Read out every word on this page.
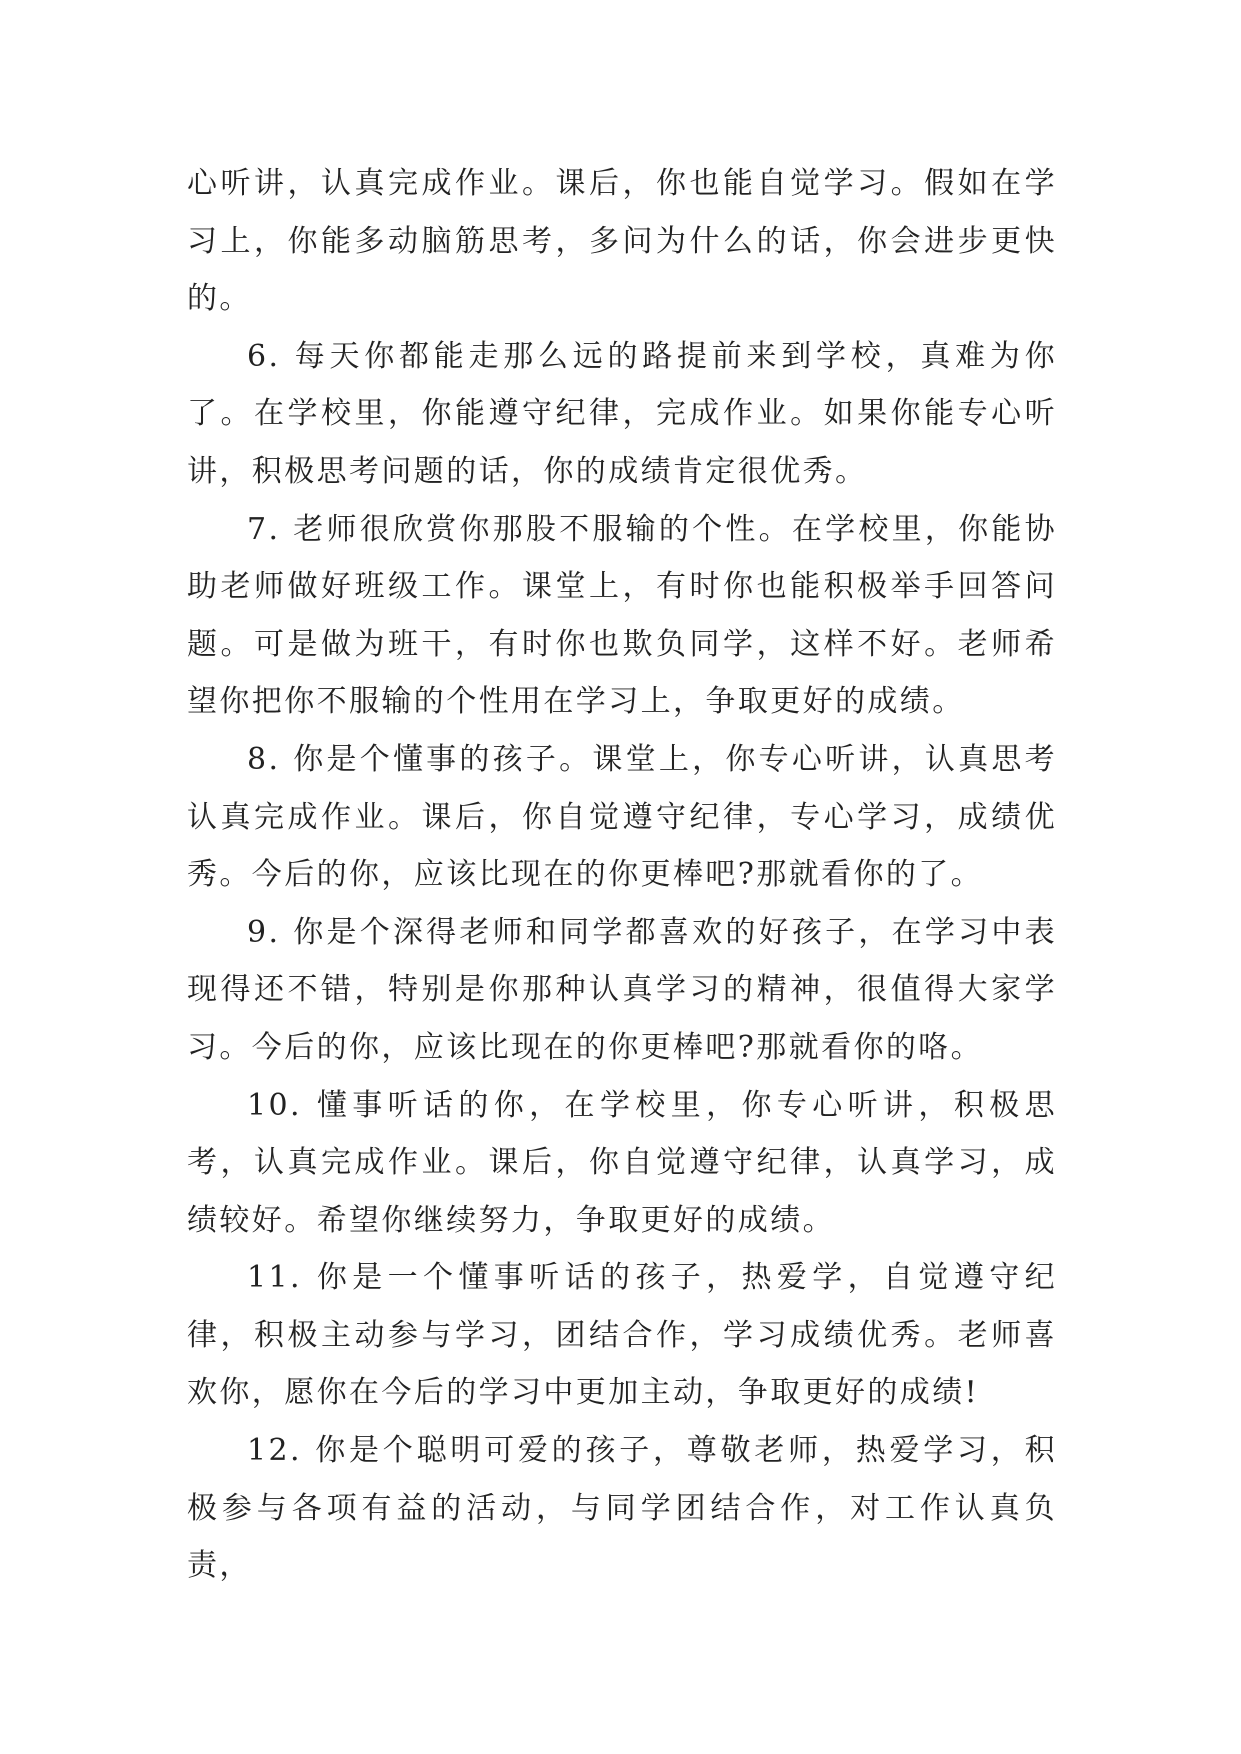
心听讲，认真完成作业。课后，你也能自觉学习。假如在学习上，你能多动脑筋思考，多问为什么的话，你会进步更快的。

6. 每天你都能走那么远的路提前来到学校，真难为你了。在学校里，你能遵守纪律，完成作业。如果你能专心听讲，积极思考问题的话，你的成绩肯定很优秀。

7. 老师很欣赏你那股不服输的个性。在学校里，你能协助老师做好班级工作。课堂上，有时你也能积极举手回答问题。可是做为班干，有时你也欺负同学，这样不好。老师希望你把你不服输的个性用在学习上，争取更好的成绩。

8. 你是个懂事的孩子。课堂上，你专心听讲，认真思考认真完成作业。课后，你自觉遵守纪律，专心学习，成绩优秀。今后的你，应该比现在的你更棒吧?那就看你的了。

9. 你是个深得老师和同学都喜欢的好孩子，在学习中表现得还不错，特别是你那种认真学习的精神，很值得大家学习。今后的你，应该比现在的你更棒吧?那就看你的咯。

10. 懂事听话的你，在学校里，你专心听讲，积极思考，认真完成作业。课后，你自觉遵守纪律，认真学习，成绩较好。希望你继续努力，争取更好的成绩。

11. 你是一个懂事听话的孩子，热爱学，自觉遵守纪律，积极主动参与学习，团结合作，学习成绩优秀。老师喜欢你，愿你在今后的学习中更加主动，争取更好的成绩!

12. 你是个聪明可爱的孩子，尊敬老师，热爱学习，积极参与各项有益的活动，与同学团结合作，对工作认真负责，
